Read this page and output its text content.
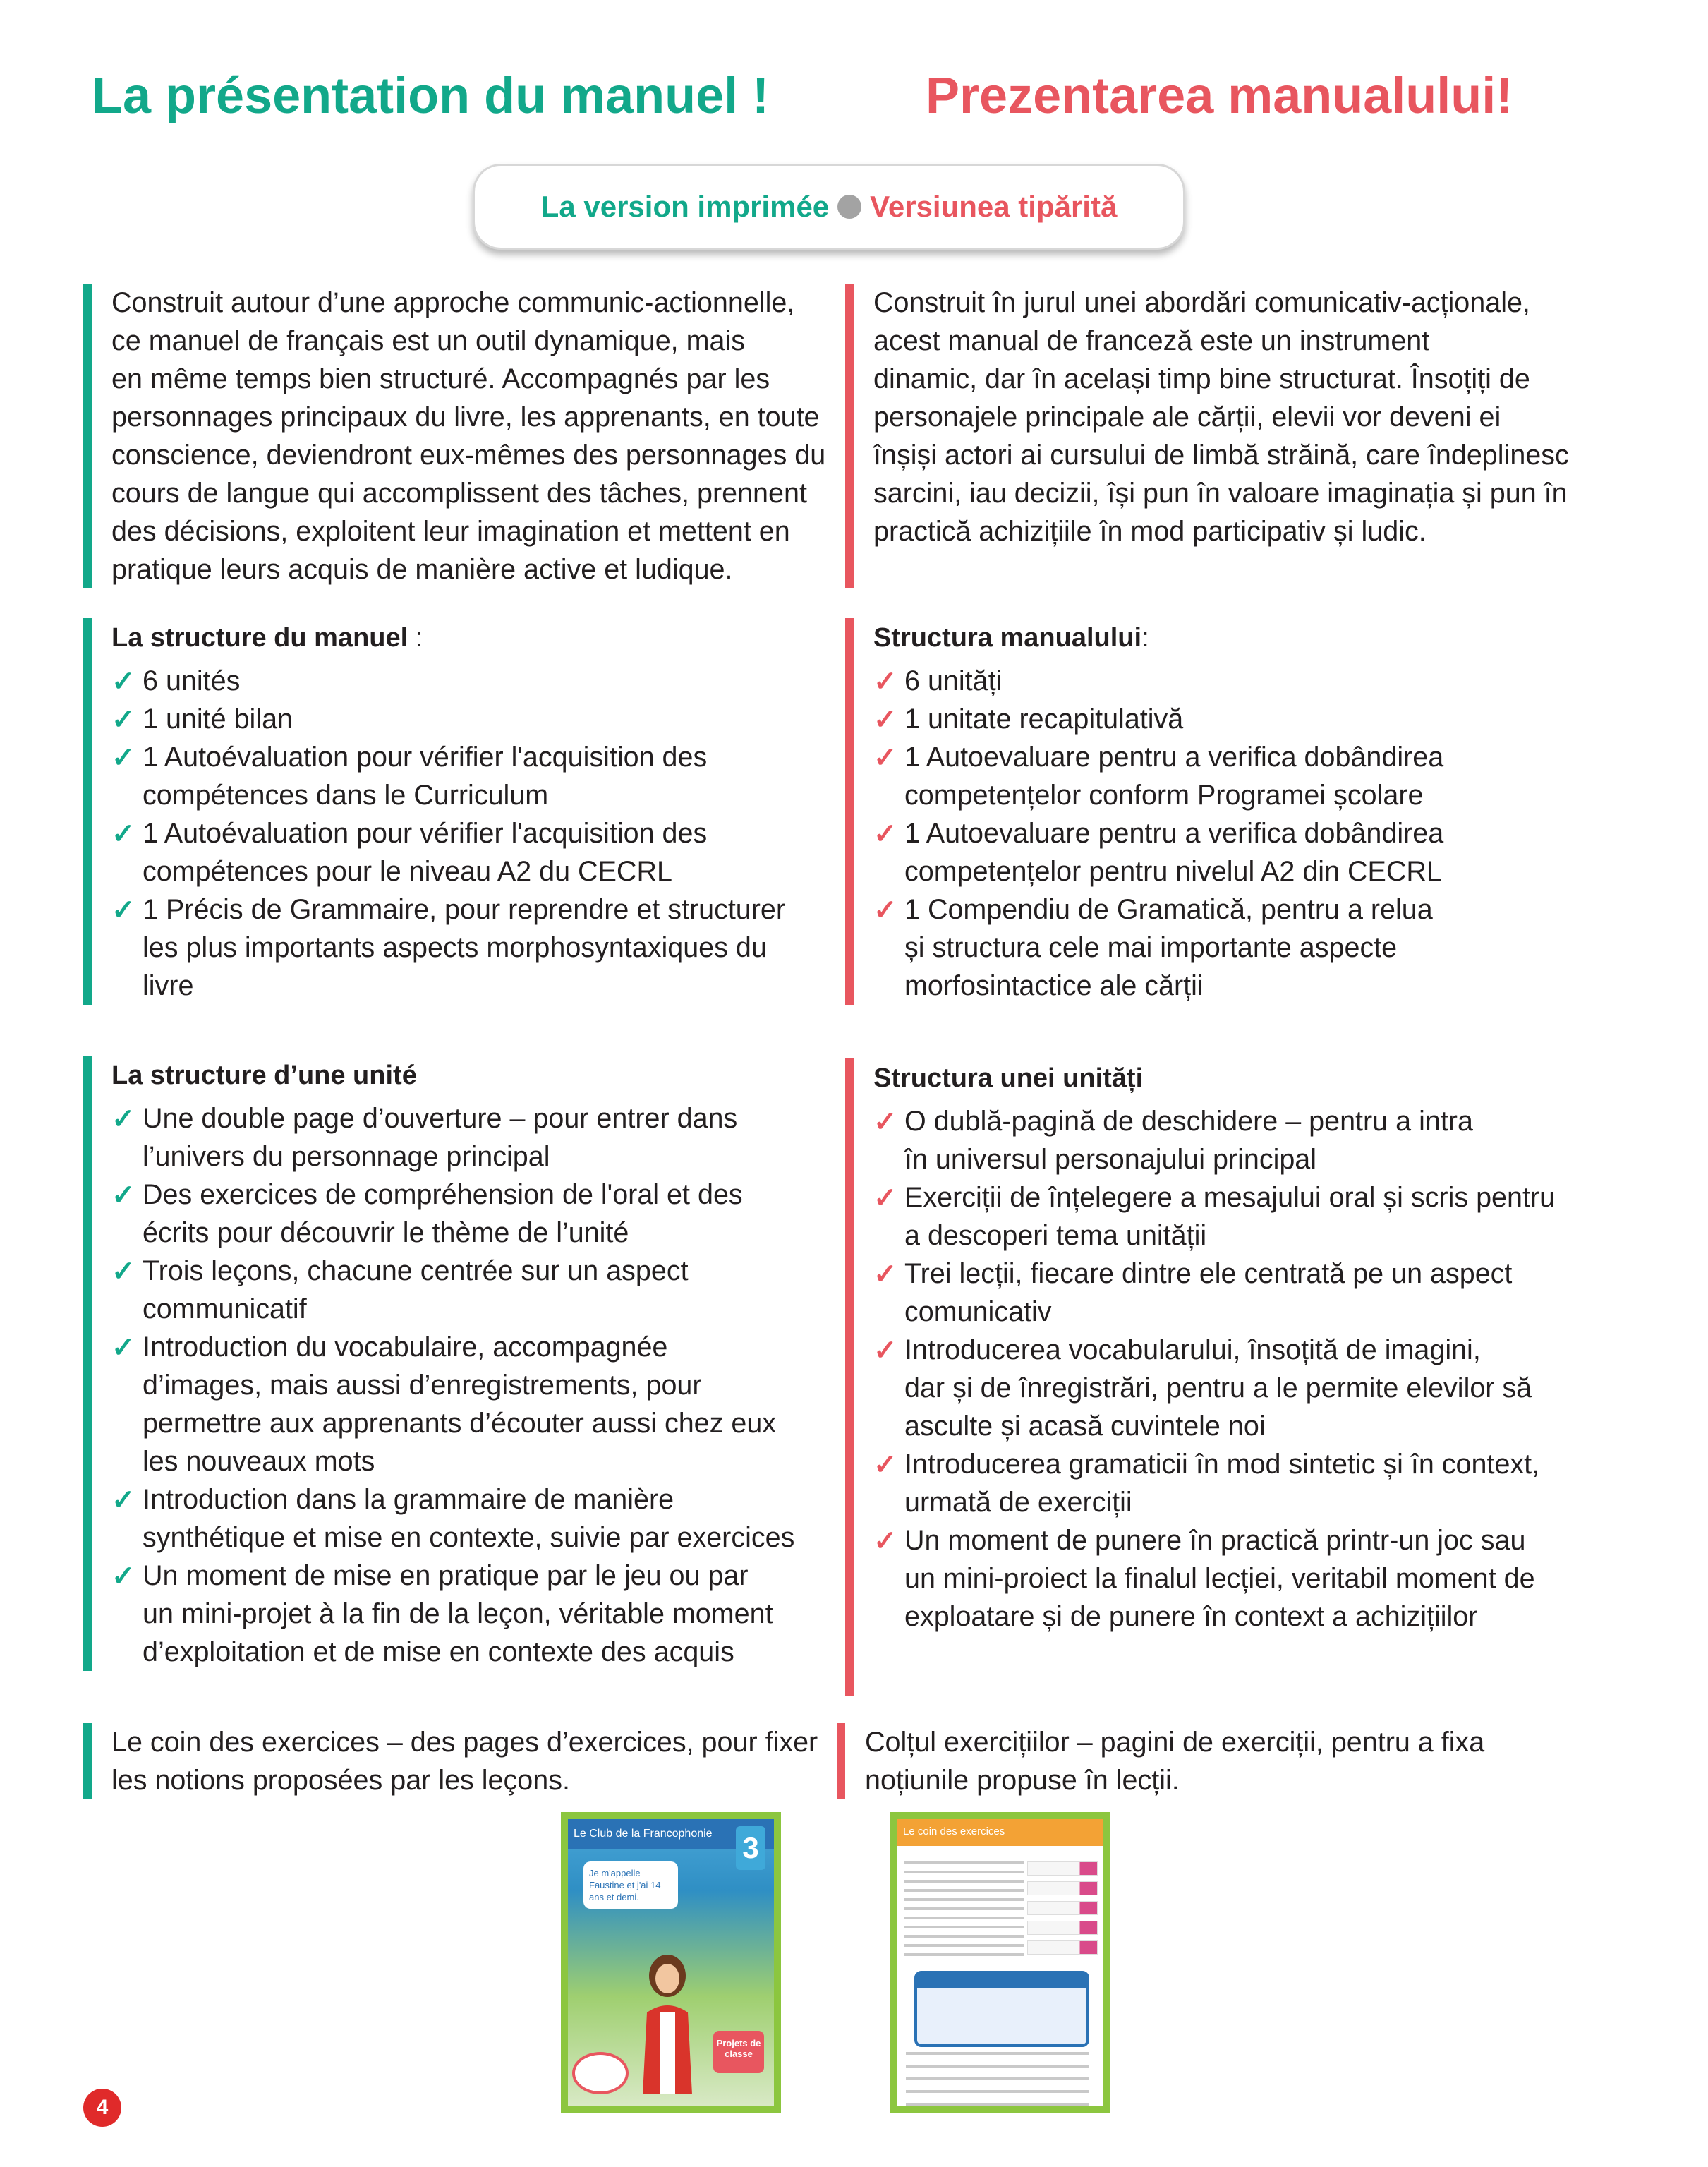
La présentation du manuel !	Prezentarea manualului!
La version imprimée Versiunea tipărită

Construit autour d’une approche communic-actionnelle,
ce manuel de français est un outil dynamique, mais
en même temps bien structuré. Accompagnés par les
personnages principaux du livre, les apprenants, en toute
conscience, deviendront eux-mêmes des personnages du
cours de langue qui accomplissent des tâches, prennent
des décisions, exploitent leur imagination et mettent en
pratique leurs acquis de manière active et ludique.

Construit în jurul unei abordări comunicativ-acționale,
acest manual de franceză este un instrument
dinamic, dar în același timp bine structurat. Însoțiți de
personajele principale ale cărții, elevii vor deveni ei
înșiși actori ai cursului de limbă străină, care îndeplinesc
sarcini, iau decizii, își pun în valoare imaginația și pun în
practică achizițiile în mod participativ și ludic.

La structure du manuel :
✓ 6 unités
✓ 1 unité bilan
✓ 1 Autoévaluation pour vérifier l'acquisition des
compétences dans le Curriculum
✓ 1 Autoévaluation pour vérifier l'acquisition des
compétences pour le niveau A2 du CECRL
✓ 1 Précis de Grammaire, pour reprendre et structurer
les plus importants aspects morphosyntaxiques du
livre
Structura manualului:
✓ 6 unități
✓ 1 unitate recapitulativă
✓ 1 Autoevaluare pentru a verifica dobândirea
competențelor conform Programei școlare
✓ 1 Autoevaluare pentru a verifica dobândirea
competențelor pentru nivelul A2 din CECRL
✓ 1 Compendiu de Gramatică, pentru a relua
și structura cele mai importante aspecte
morfosintactice ale cărții
La structure d’une unité
✓ Une double page d’ouverture – pour entrer dans
l’univers du personnage principal
✓ Des exercices de compréhension de l'oral et des
écrits pour découvrir le thème de l’unité
✓ Trois leçons, chacune centrée sur un aspect
communicatif
✓ Introduction du vocabulaire, accompagnée
d’images, mais aussi d’enregistrements, pour
permettre aux apprenants d’écouter aussi chez eux
les nouveaux mots
✓ Introduction dans la grammaire de manière
synthétique et mise en contexte, suivie par exercices
✓ Un moment de mise en pratique par le jeu ou par
un mini-projet à la fin de la leçon, véritable moment
d’exploitation et de mise en contexte des acquis
Structura unei unități
✓ O dublă-pagină de deschidere – pentru a intra
în universul personajului principal
✓ Exerciții de înțelegere a mesajului oral și scris pentru
a descoperi tema unității
✓ Trei lecții, fiecare dintre ele centrată pe un aspect
comunicativ
✓ Introducerea vocabularului, însoțită de imagini,
dar și de înregistrări, pentru a le permite elevilor să
asculte și acasă cuvintele noi
✓ Introducerea gramaticii în mod sintetic și în context,
urmată de exerciții
✓ Un moment de punere în practică printr-un joc sau
un mini-proiect la finalul lecției, veritabil moment de
exploatare și de punere în context a achizițiilor

Le coin des exercices – des pages d’exercices, pour fixer
les notions proposées par les leçons.

Colțul exercițiilor – pagini de exerciții, pentru a fixa
noțiunile propuse în lecții.

Le Club de la Francophonie	3
Je m'appelle Faustine et j'ai 14 ans et demi.
Projets de classe
Le coin des exercices
4
